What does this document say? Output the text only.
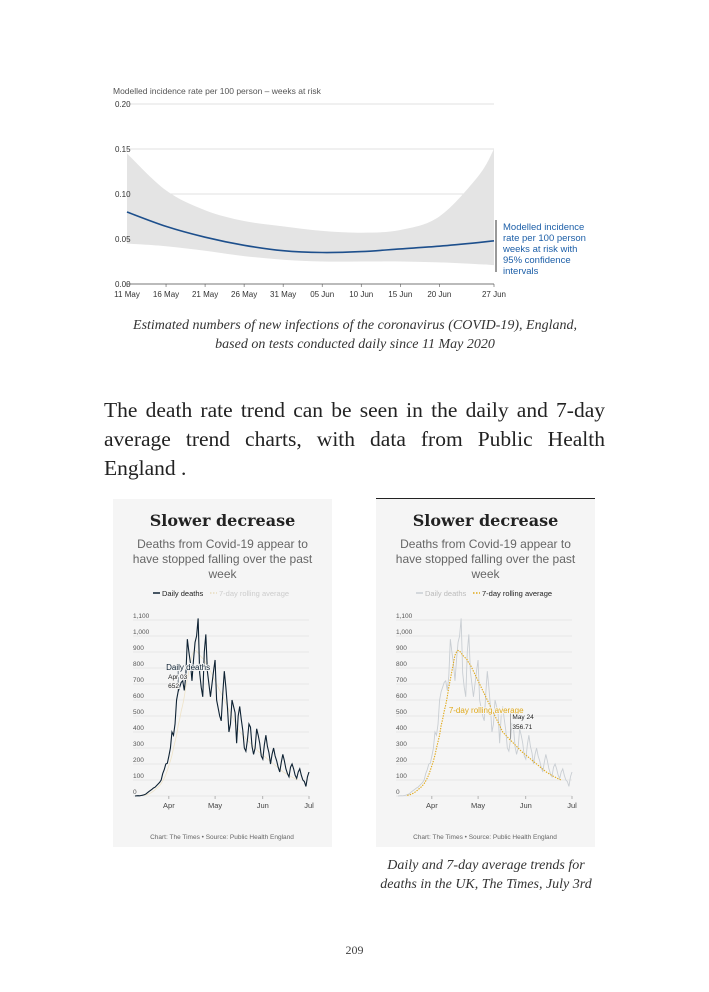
Modelled incidence rate per 100 person – weeks at risk
0.00
0.05
0.10
0.15
0.20
11 May 16 May 21 May 26 May 31 May 05 Jun 10 Jun 15 Jun 20 Jun	27 Jun
Modelled incidence
rate per 100 person
weeks at risk with
95% confidence
intervals
Estimated numbers of new infections of the coronavirus (COVID-19), England,
based on tests conducted daily since 11 May 2020
The death rate trend can be seen in the daily and 7-day average trend charts, with data from Public Health England .
Slower decrease
Deaths from Covid-19 appear to have stopped falling over the past week
Daily deaths 7-day rolling average
0
100
200
300
400
500
600
700
800
900
1,000
1,100
Apr	May	Jun	Jul
Daily deaths
Apr 03
652
Chart: The Times • Source: Public Health England
Slower decrease
Deaths from Covid-19 appear to have stopped falling over the past week
Daily deaths 7-day rolling average
0
100
200
300
400
500
600
700
800
900
1,000
1,100
Apr	May	Jun	Jul
7-day rolling average
May 24
356.71
Chart: The Times • Source: Public Health England
Daily and 7-day average trends for
deaths in the UK, The Times, July 3rd
209
